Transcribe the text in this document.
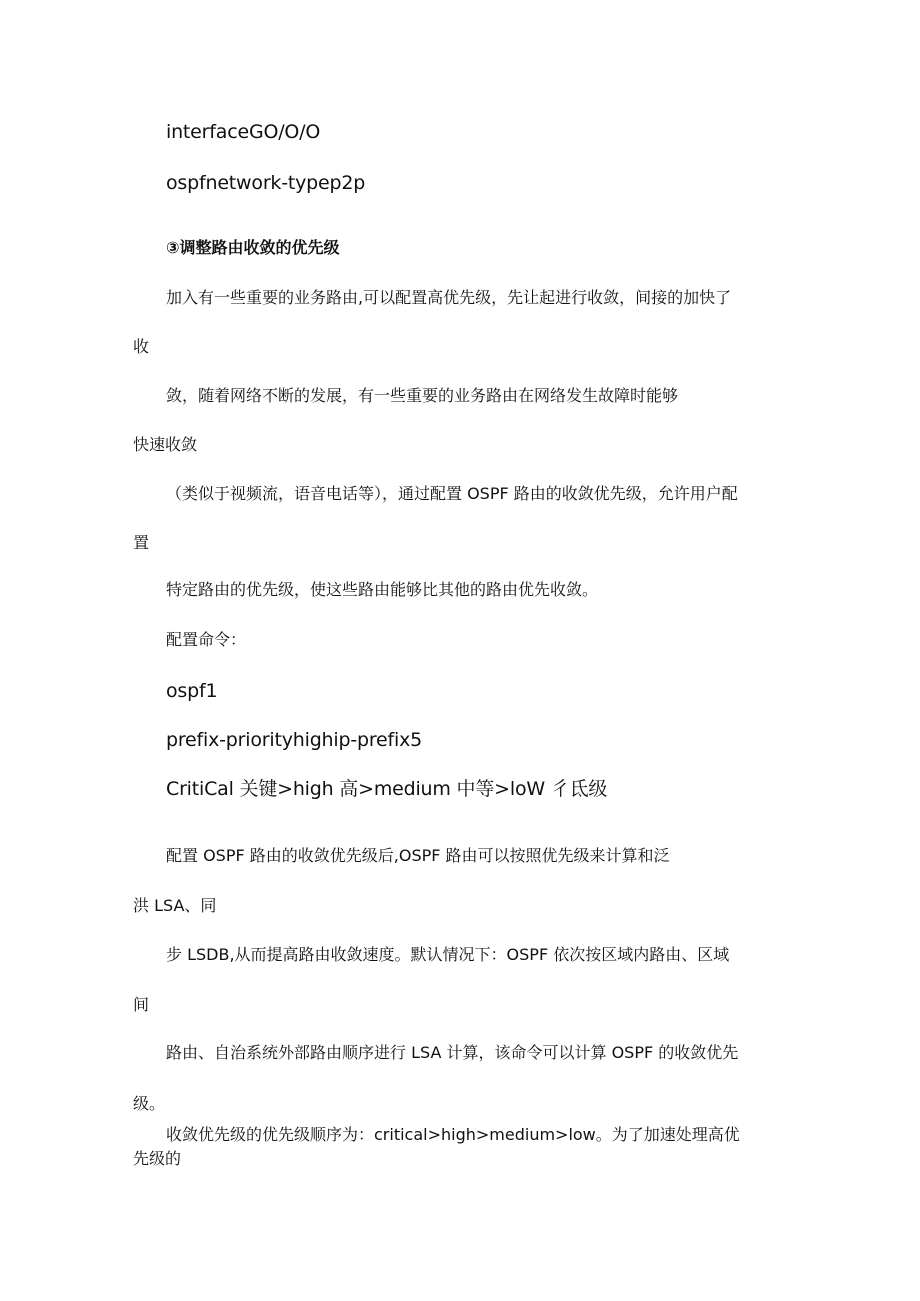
interfaceGO/O/O
ospfnetwork-typep2p
③调整路由收敛的优先级
加入有一些重要的业务路由,可以配置高优先级，先让起进行收敛，间接的加快了
收
敛，随着网络不断的发展，有一些重要的业务路由在网络发生故障时能够
快速收敛
（类似于视频流，语音电话等），通过配置 OSPF 路由的收敛优先级，允许用户配
置
特定路由的优先级，使这些路由能够比其他的路由优先收敛。
配置命令：
ospf1
prefix-priorityhighip-prefix5
CritiCal 关键>high 高>medium 中等>loW 彳氐级
配置 OSPF 路由的收敛优先级后,OSPF 路由可以按照优先级来计算和泛
洪 LSA、同
步 LSDB,从而提高路由收敛速度。默认情况下：OSPF 依次按区域内路由、区域
间
路由、自治系统外部路由顺序进行 LSA 计算，该命令可以计算 OSPF 的收敛优先
级。
收敛优先级的优先级顺序为：critical>high>medium>low。为了加速处理高优
先级的
